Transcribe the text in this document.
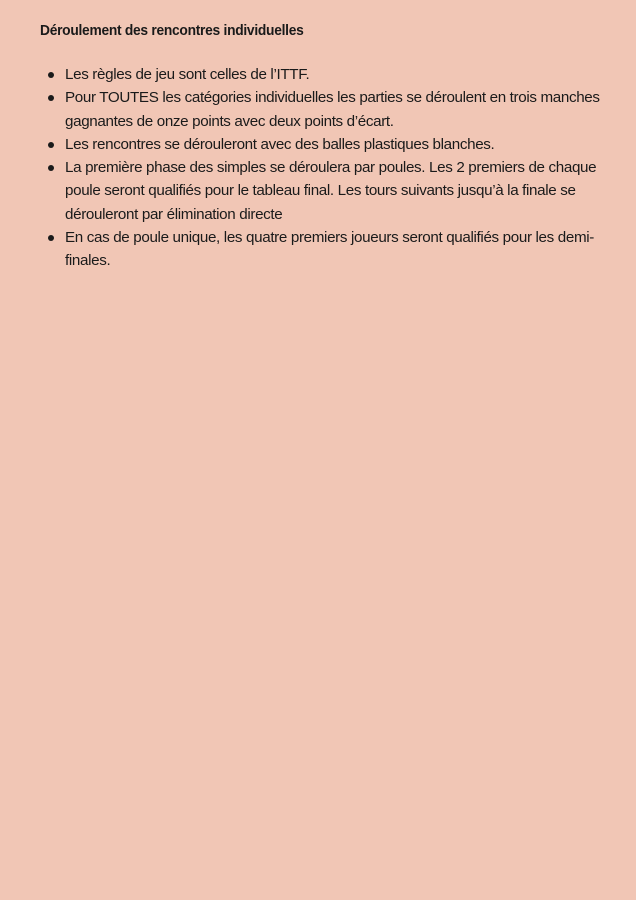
Déroulement des rencontres individuelles
Les règles de jeu sont celles de l’ITTF.
Pour TOUTES les catégories individuelles les parties se déroulent en trois manches gagnantes de onze points avec deux points d’écart.
Les rencontres se dérouleront avec des balles plastiques blanches.
La première phase des simples se déroulera par poules. Les 2 premiers de chaque poule seront qualifiés pour le tableau final. Les tours suivants jusqu’à la finale se dérouleront par élimination directe
En cas de poule unique, les quatre premiers joueurs seront qualifiés pour les demi-finales.
